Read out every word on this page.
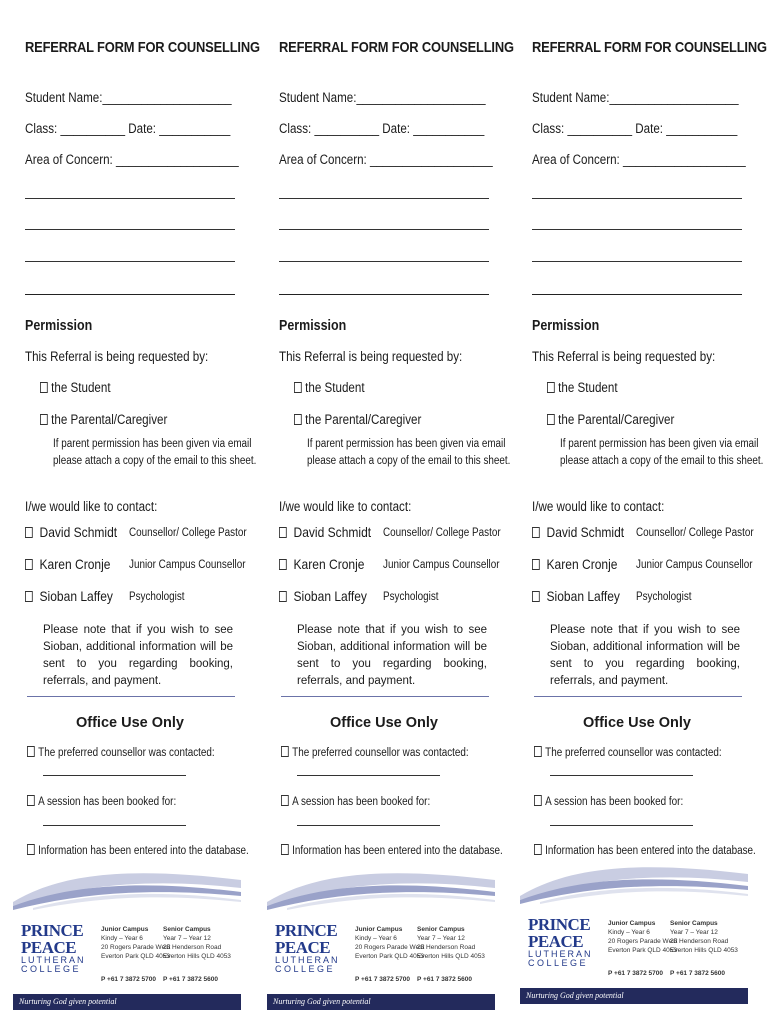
REFERRAL FORM FOR COUNSELLING
Student Name:____________________
Class: __________ Date: ___________
Area of Concern: ___________________
Permission
This Referral is being requested by:
the Student
the Parental/Caregiver
If parent permission has been given via email
please attach a copy of the email to this sheet.
I/we would like to contact:
David Schmidt Counsellor/ College Pastor
Karen Cronje Junior Campus Counsellor
Sioban Laffey Psychologist
Please note that if you wish to see Sioban, additional information will be sent to you regarding booking, referrals, and payment.
Office Use Only
The preferred counsellor was contacted:
A session has been booked for:
Information has been entered into the database.
PRINCE
PEACE
LUTHERAN
COLLEGE
Junior Campus
Kindy – Year 6
20 Rogers Parade West
Everton Park QLD 4053
P +61 7 3872 5700
Senior Campus
Year 7 – Year 12
25 Henderson Road
Everton Hills QLD 4053
P +61 7 3872 5600
Nurturing God given potential
REFERRAL FORM FOR COUNSELLING
Student Name:____________________
Class: __________ Date: ___________
Area of Concern: ___________________
Permission
This Referral is being requested by:
the Student
the Parental/Caregiver
If parent permission has been given via email
please attach a copy of the email to this sheet.
I/we would like to contact:
David Schmidt Counsellor/ College Pastor
Karen Cronje Junior Campus Counsellor
Sioban Laffey Psychologist
Please note that if you wish to see Sioban, additional information will be sent to you regarding booking, referrals, and payment.
Office Use Only
The preferred counsellor was contacted:
A session has been booked for:
Information has been entered into the database.
PRINCE
PEACE
LUTHERAN
COLLEGE
Junior Campus
Kindy – Year 6
20 Rogers Parade West
Everton Park QLD 4053
P +61 7 3872 5700
Senior Campus
Year 7 – Year 12
25 Henderson Road
Everton Hills QLD 4053
P +61 7 3872 5600
Nurturing God given potential
REFERRAL FORM FOR COUNSELLING
Student Name:____________________
Class: __________ Date: ___________
Area of Concern: ___________________
Permission
This Referral is being requested by:
the Student
the Parental/Caregiver
If parent permission has been given via email
please attach a copy of the email to this sheet.
I/we would like to contact:
David Schmidt Counsellor/ College Pastor
Karen Cronje Junior Campus Counsellor
Sioban Laffey Psychologist
Please note that if you wish to see Sioban, additional information will be sent to you regarding booking, referrals, and payment.
Office Use Only
The preferred counsellor was contacted:
A session has been booked for:
Information has been entered into the database.
PRINCE
PEACE
LUTHERAN
COLLEGE
Junior Campus
Kindy – Year 6
20 Rogers Parade West
Everton Park QLD 4053
P +61 7 3872 5700
Senior Campus
Year 7 – Year 12
25 Henderson Road
Everton Hills QLD 4053
P +61 7 3872 5600
Nurturing God given potential
